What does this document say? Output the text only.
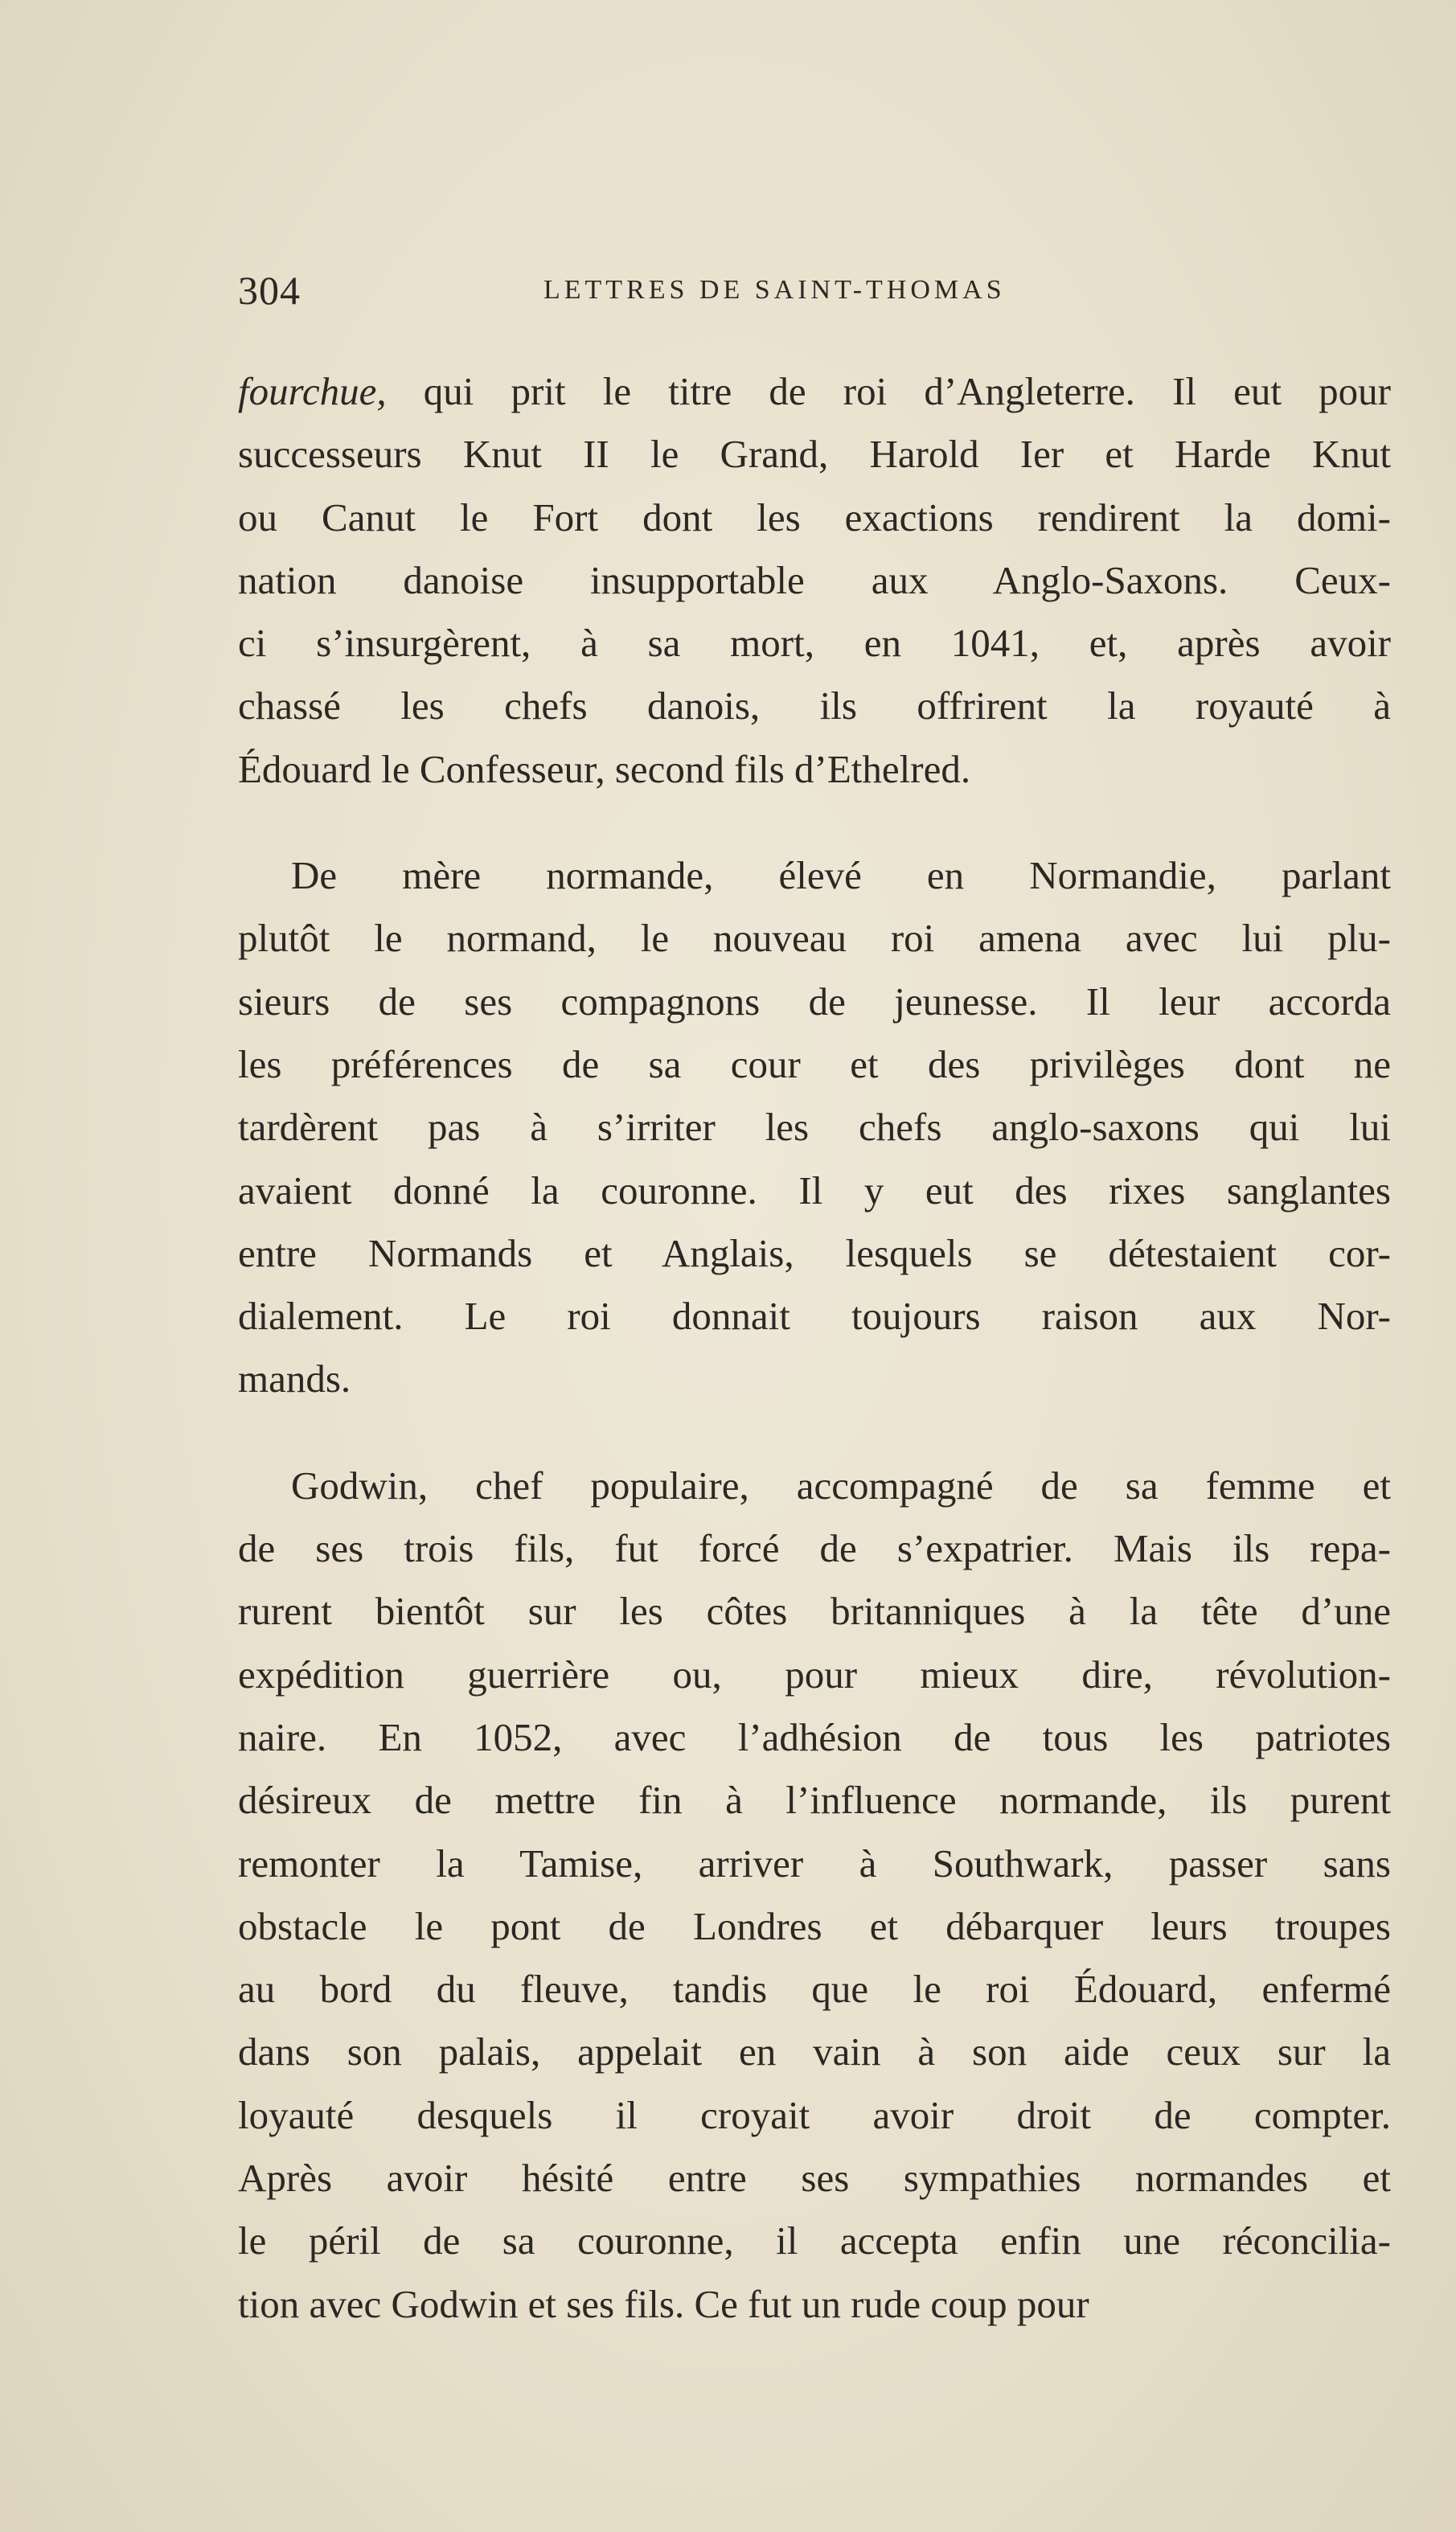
304	LETTRES DE SAINT-THOMAS
fourchue, qui prit le titre de roi d’Angleterre. Il eut pour
successeurs Knut II le Grand, Harold Ier et Harde Knut
ou Canut le Fort dont les exactions rendirent la domi-
nation danoise insupportable aux Anglo-Saxons. Ceux-
ci s’insurgèrent, à sa mort, en 1041, et, après avoir
chassé les chefs danois, ils offrirent la royauté à
Édouard le Confesseur, second fils d’Ethelred.
De mère normande, élevé en Normandie, parlant
plutôt le normand, le nouveau roi amena avec lui plu-
sieurs de ses compagnons de jeunesse. Il leur accorda
les préférences de sa cour et des privilèges dont ne
tardèrent pas à s’irriter les chefs anglo-saxons qui lui
avaient donné la couronne. Il y eut des rixes sanglantes
entre Normands et Anglais, lesquels se détestaient cor-
dialement. Le roi donnait toujours raison aux Nor-
mands.
Godwin, chef populaire, accompagné de sa femme et
de ses trois fils, fut forcé de s’expatrier. Mais ils repa-
rurent bientôt sur les côtes britanniques à la tête d’une
expédition guerrière ou, pour mieux dire, révolution-
naire. En 1052, avec l’adhésion de tous les patriotes
désireux de mettre fin à l’influence normande, ils purent
remonter la Tamise, arriver à Southwark, passer sans
obstacle le pont de Londres et débarquer leurs troupes
au bord du fleuve, tandis que le roi Édouard, enfermé
dans son palais, appelait en vain à son aide ceux sur la
loyauté desquels il croyait avoir droit de compter.
Après avoir hésité entre ses sympathies normandes et
le péril de sa couronne, il accepta enfin une réconcilia-
tion avec Godwin et ses fils. Ce fut un rude coup pour
